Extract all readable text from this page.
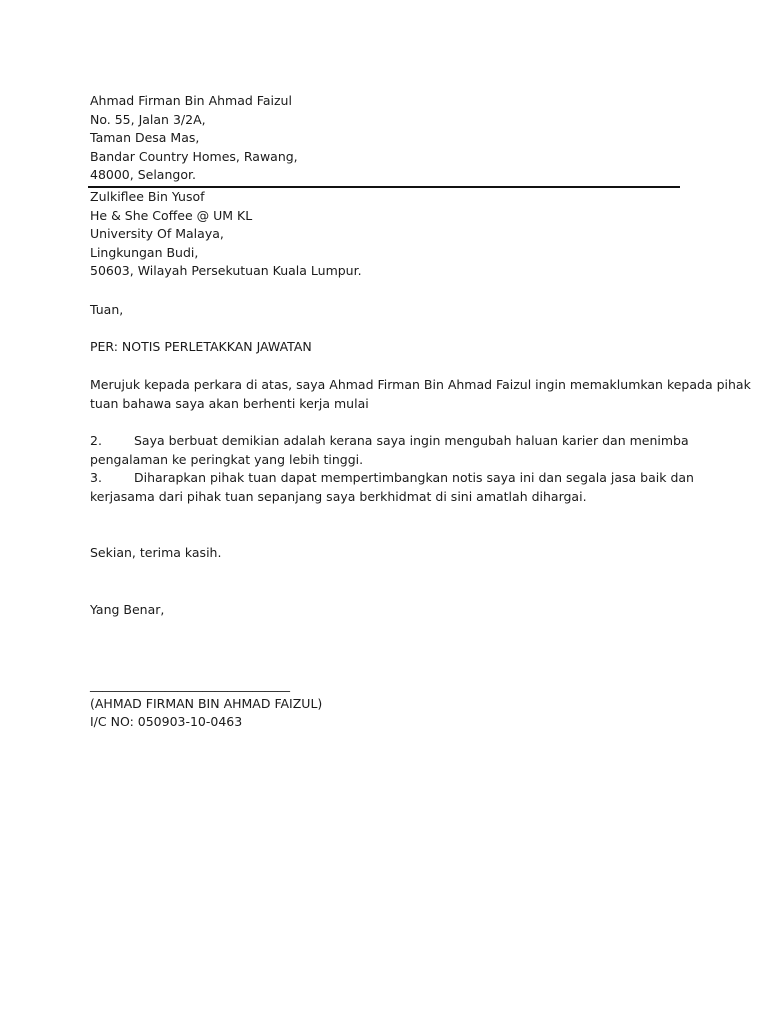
Ahmad Firman Bin Ahmad Faizul
No. 55, Jalan 3/2A,
Taman Desa Mas,
Bandar Country Homes, Rawang,
48000, Selangor.
Zulkiflee Bin Yusof
He & She Coffee @ UM KL
University Of Malaya,
Lingkungan Budi,
50603, Wilayah Persekutuan Kuala Lumpur.
Tuan,
PER: NOTIS PERLETAKKAN JAWATAN
Merujuk kepada perkara di atas, saya Ahmad Firman Bin Ahmad Faizul ingin memaklumkan kepada pihak
tuan bahawa saya akan berhenti kerja mulai
2.	Saya berbuat demikian adalah kerana saya ingin mengubah haluan karier dan menimba
pengalaman ke peringkat yang lebih tinggi.
3.	Diharapkan pihak tuan dapat mempertimbangkan notis saya ini dan segala jasa baik dan
kerjasama dari pihak tuan sepanjang saya berkhidmat di sini amatlah dihargai.
Sekian, terima kasih.
Yang Benar,
________________________________
(AHMAD FIRMAN BIN AHMAD FAIZUL)
I/C NO: 050903-10-0463
